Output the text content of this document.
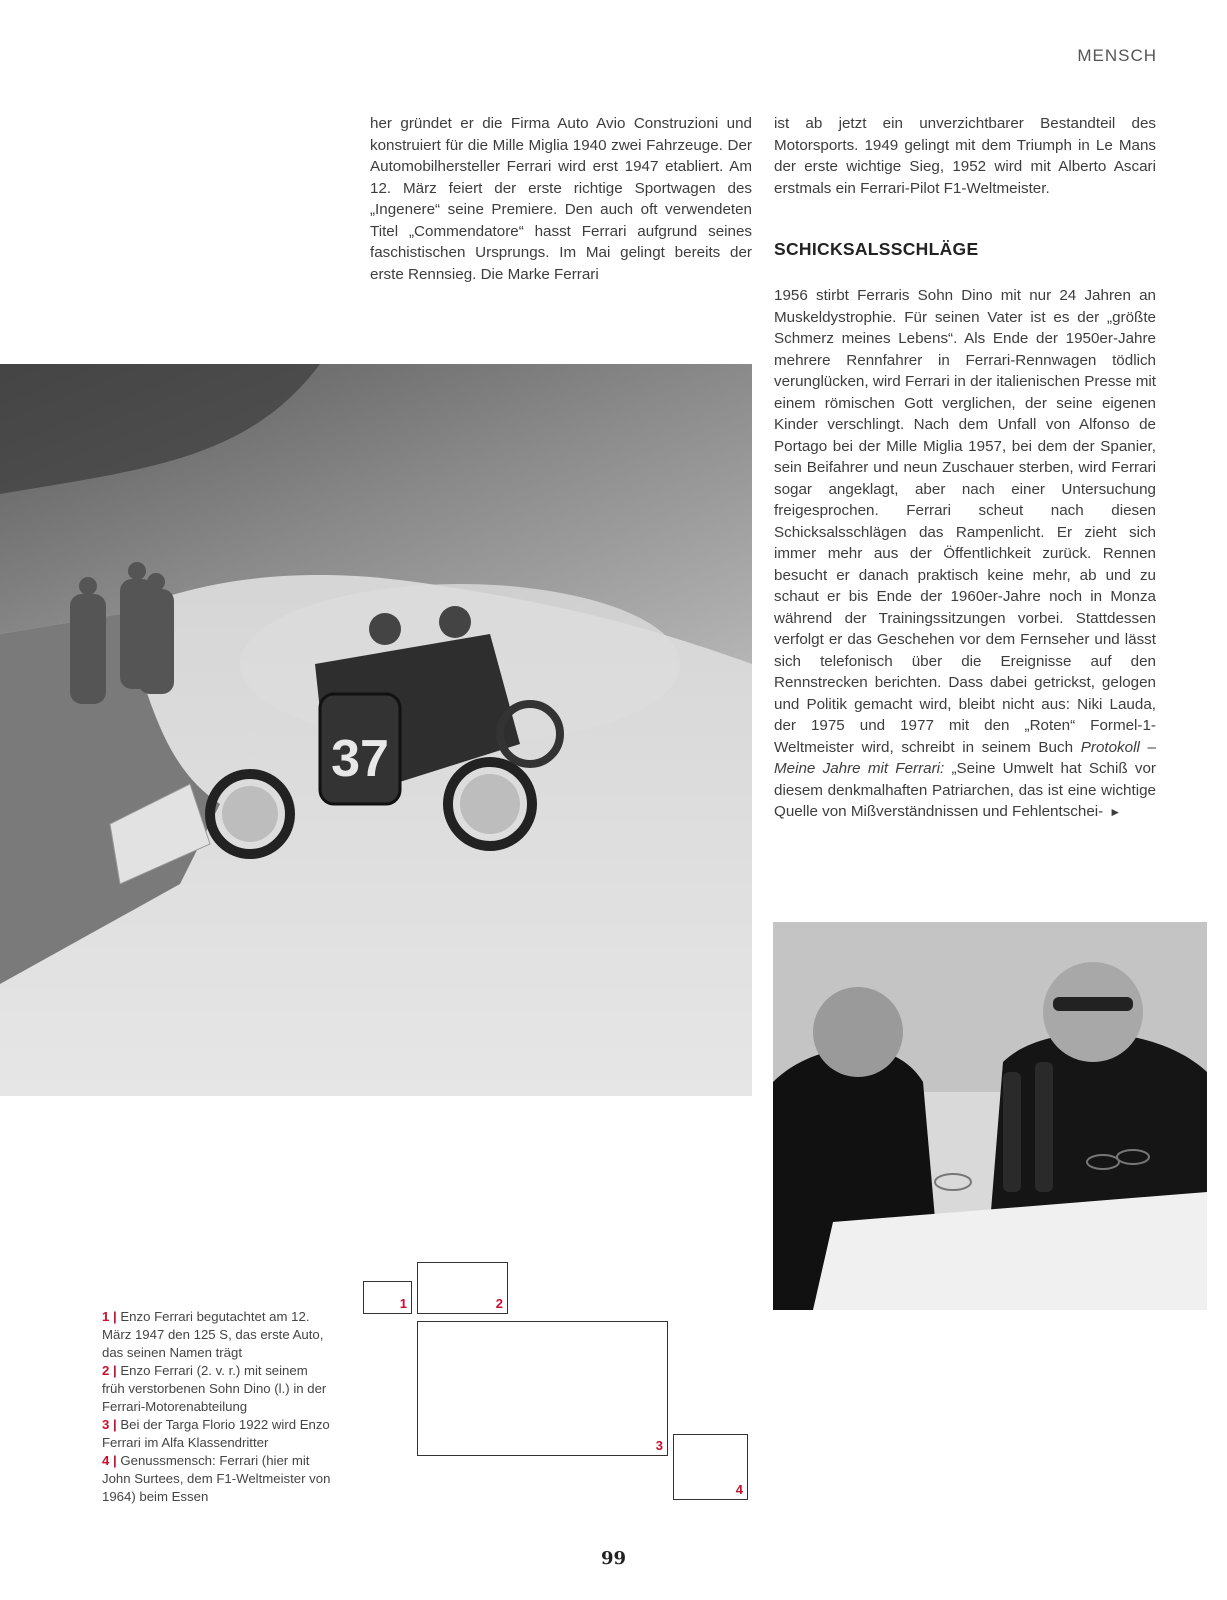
MENSCH

her gründet er die Firma Auto Avio Construzioni und konstruiert für die Mille Miglia 1940 zwei Fahrzeuge. Der Automobilhersteller Ferrari wird erst 1947 etabliert. Am 12. März feiert der erste richtige Sportwagen des „Ingenere“ seine Premiere. Den auch oft verwendeten Titel „Commendatore“ hasst Ferrari aufgrund seines faschistischen Ursprungs. Im Mai gelingt bereits der erste Rennsieg. Die Marke Ferrari

ist ab jetzt ein unverzichtbarer Bestandteil des Motorsports. 1949 gelingt mit dem Triumph in Le Mans der erste wichtige Sieg, 1952 wird mit Alberto Ascari erstmals ein Ferrari-Pilot F1-Weltmeister.

SCHICKSALSSCHLÄGE

1956 stirbt Ferraris Sohn Dino mit nur 24 Jahren an Muskeldystrophie. Für seinen Vater ist es der „größte Schmerz meines Lebens“. Als Ende der 1950er-Jahre mehrere Rennfahrer in Ferrari-Rennwagen tödlich verunglücken, wird Ferrari in der italienischen Presse mit einem römischen Gott verglichen, der seine eigenen Kinder verschlingt. Nach dem Unfall von Alfonso de Portago bei der Mille Miglia 1957, bei dem der Spanier, sein Beifahrer und neun Zuschauer sterben, wird Ferrari sogar angeklagt, aber nach einer Untersuchung freigesprochen. Ferrari scheut nach diesen Schicksalsschlägen das Rampenlicht. Er zieht sich immer mehr aus der Öffentlichkeit zurück. Rennen besucht er danach praktisch keine mehr, ab und zu schaut er bis Ende der 1960er-Jahre noch in Monza während der Trainingssitzungen vorbei. Stattdessen verfolgt er das Geschehen vor dem Fernseher und lässt sich telefonisch über die Ereignisse auf den Rennstrecken berichten. Dass dabei getrickst, gelogen und Politik gemacht wird, bleibt nicht aus: Niki Lauda, der 1975 und 1977 mit den „Roten“ Formel-1-Weltmeister wird, schreibt in seinem Buch Protokoll – Meine Jahre mit Ferrari: „Seine Umwelt hat Schiß vor diesem denkmalhaften Patriarchen, das ist eine wichtige Quelle von Mißverständnissen und Fehlentschei- ►

37
1 | Enzo Ferrari begutachtet am 12. März 1947 den 125 S, das erste Auto, das seinen Namen trägt
2 | Enzo Ferrari (2. v. r.) mit seinem früh verstorbenen Sohn Dino (l.) in der Ferrari-Motorenabteilung
3 | Bei der Targa Florio 1922 wird Enzo Ferrari im Alfa Klassendritter
4 | Genussmensch: Ferrari (hier mit John Surtees, dem F1-Weltmeister von 1964) beim Essen
1	2
3
4
99
